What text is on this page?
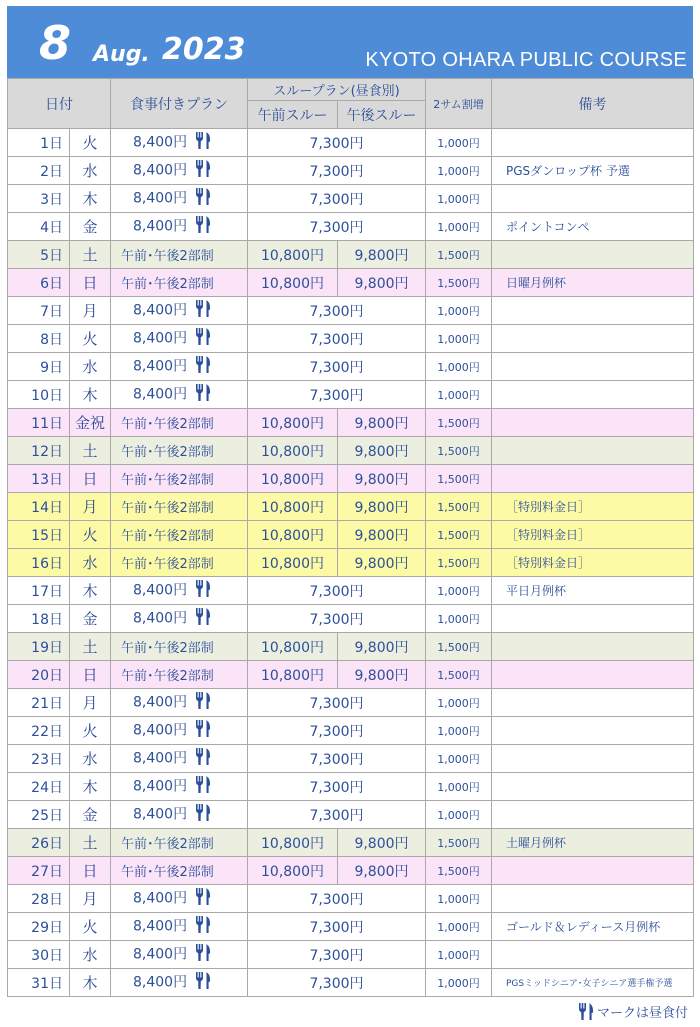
8 Aug. 2023	KYOTO OHARA PUBLIC COURSE
日付		食事付きプラン	スループラン(昼食別)		2サム割増	備考
			午前スルー	午後スルー		
1日	火	8,400円	7,300円		1,000円	
2日	水	8,400円	7,300円		1,000円	PGSダンロップ杯 予選
3日	木	8,400円	7,300円		1,000円	
4日	金	8,400円	7,300円		1,000円	ポイントコンペ
5日	土	午前･午後2部制	10,800円	9,800円	1,500円	
6日	日	午前･午後2部制	10,800円	9,800円	1,500円	日曜月例杯
7日	月	8,400円	7,300円		1,000円	
8日	火	8,400円	7,300円		1,000円	
9日	水	8,400円	7,300円		1,000円	
10日	木	8,400円	7,300円		1,000円	
11日	金祝	午前･午後2部制	10,800円	9,800円	1,500円	
12日	土	午前･午後2部制	10,800円	9,800円	1,500円	
13日	日	午前･午後2部制	10,800円	9,800円	1,500円	
14日	月	午前･午後2部制	10,800円	9,800円	1,500円	［特別料金日］
15日	火	午前･午後2部制	10,800円	9,800円	1,500円	［特別料金日］
16日	水	午前･午後2部制	10,800円	9,800円	1,500円	［特別料金日］
17日	木	8,400円	7,300円		1,000円	平日月例杯
18日	金	8,400円	7,300円		1,000円	
19日	土	午前･午後2部制	10,800円	9,800円	1,500円	
20日	日	午前･午後2部制	10,800円	9,800円	1,500円	
21日	月	8,400円	7,300円		1,000円	
22日	火	8,400円	7,300円		1,000円	
23日	水	8,400円	7,300円		1,000円	
24日	木	8,400円	7,300円		1,000円	
25日	金	8,400円	7,300円		1,000円	
26日	土	午前･午後2部制	10,800円	9,800円	1,500円	土曜月例杯
27日	日	午前･午後2部制	10,800円	9,800円	1,500円	
28日	月	8,400円	7,300円		1,000円	
29日	火	8,400円	7,300円		1,000円	ゴールド＆レディース月例杯
30日	水	8,400円	7,300円		1,000円	
31日	木	8,400円	7,300円		1,000円	PGSミッドシニア･女子シニア選手権予選
マークは昼食付
